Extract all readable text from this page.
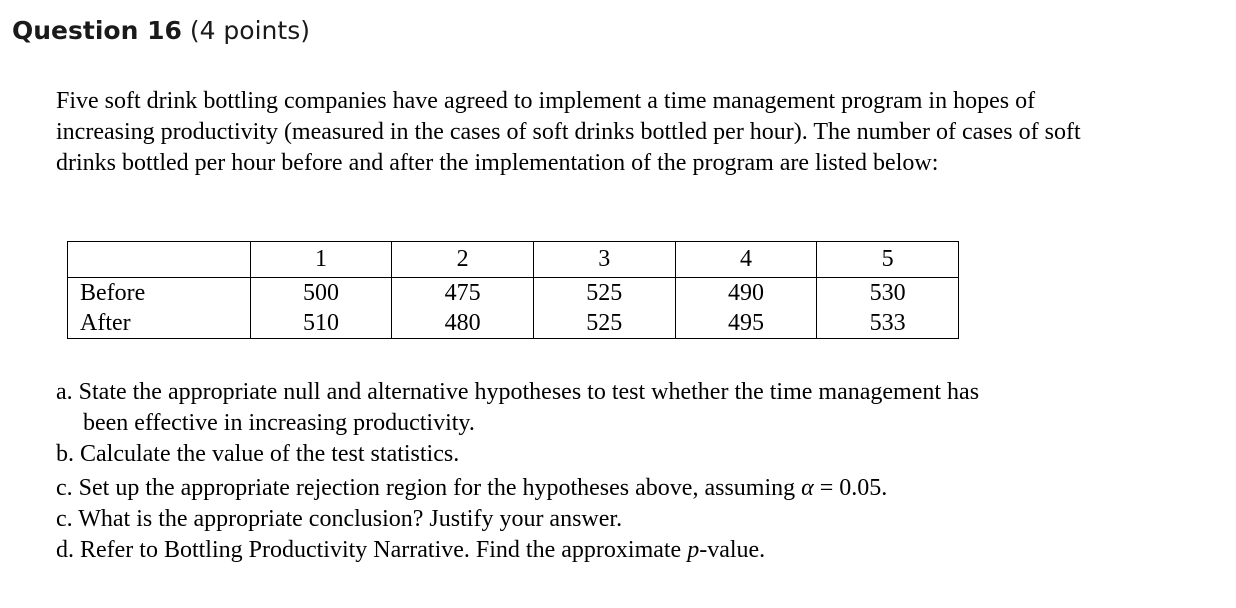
Question 16 (4 points)
Five soft drink bottling companies have agreed to implement a time management program in hopes of increasing productivity (measured in the cases of soft drinks bottled per hour). The number of cases of soft drinks bottled per hour before and after the implementation of the program are listed below:
	1	2	3	4	5
Before	500	475	525	490	530
After	510	480	525	495	533
a. State the appropriate null and alternative hypotheses to test whether the time management has
been effective in increasing productivity.
b. Calculate the value of the test statistics.
c. Set up the appropriate rejection region for the hypotheses above, assuming α = 0.05.
c. What is the appropriate conclusion? Justify your answer.
d. Refer to Bottling Productivity Narrative. Find the approximate p-value.
